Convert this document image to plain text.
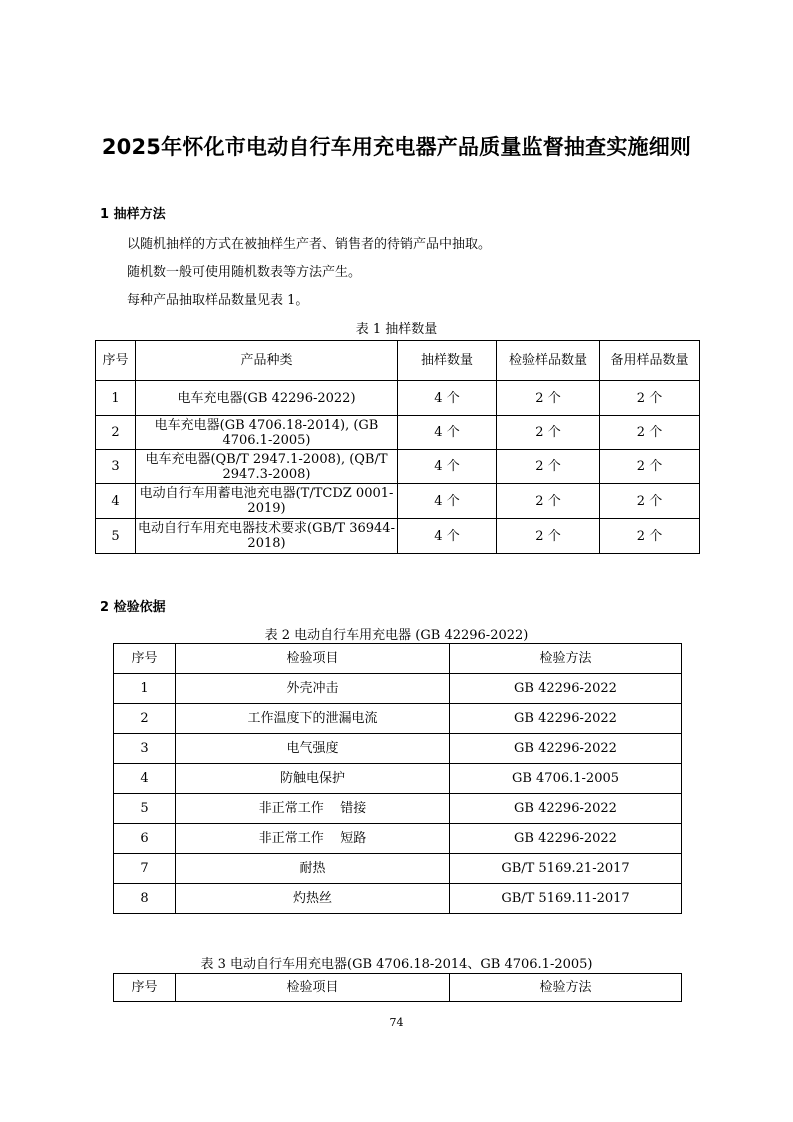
2025年怀化市电动自行车用充电器产品质量监督抽查实施细则
1 抽样方法
以随机抽样的方式在被抽样生产者、销售者的待销产品中抽取。
随机数一般可使用随机数表等方法产生。
每种产品抽取样品数量见表 1。
表 1 抽样数量
序号	产品种类	抽样数量	检验样品数量	备用样品数量
1	电车充电器(GB 42296-2022)	4 个	2 个	2 个
2	电车充电器(GB 4706.18-2014), (GB 4706.1-2005)	4 个	2 个	2 个
3	电车充电器(QB/T 2947.1-2008), (QB/T 2947.3-2008)	4 个	2 个	2 个
4	电动自行车用蓄电池充电器(T/TCDZ 0001-2019)	4 个	2 个	2 个
5	电动自行车用充电器技术要求(GB/T 36944-2018)	4 个	2 个	2 个
2 检验依据
表 2 电动自行车用充电器 (GB 42296-2022)
序号	检验项目	检验方法
1	外壳冲击	GB 42296-2022
2	工作温度下的泄漏电流	GB 42296-2022
3	电气强度	GB 42296-2022
4	防触电保护	GB 4706.1-2005
5	非正常工作    错接	GB 42296-2022
6	非正常工作    短路	GB 42296-2022
7	耐热	GB/T 5169.21-2017
8	灼热丝	GB/T 5169.11-2017
表 3 电动自行车用充电器(GB 4706.18-2014、GB 4706.1-2005)
序号	检验项目	检验方法
74
